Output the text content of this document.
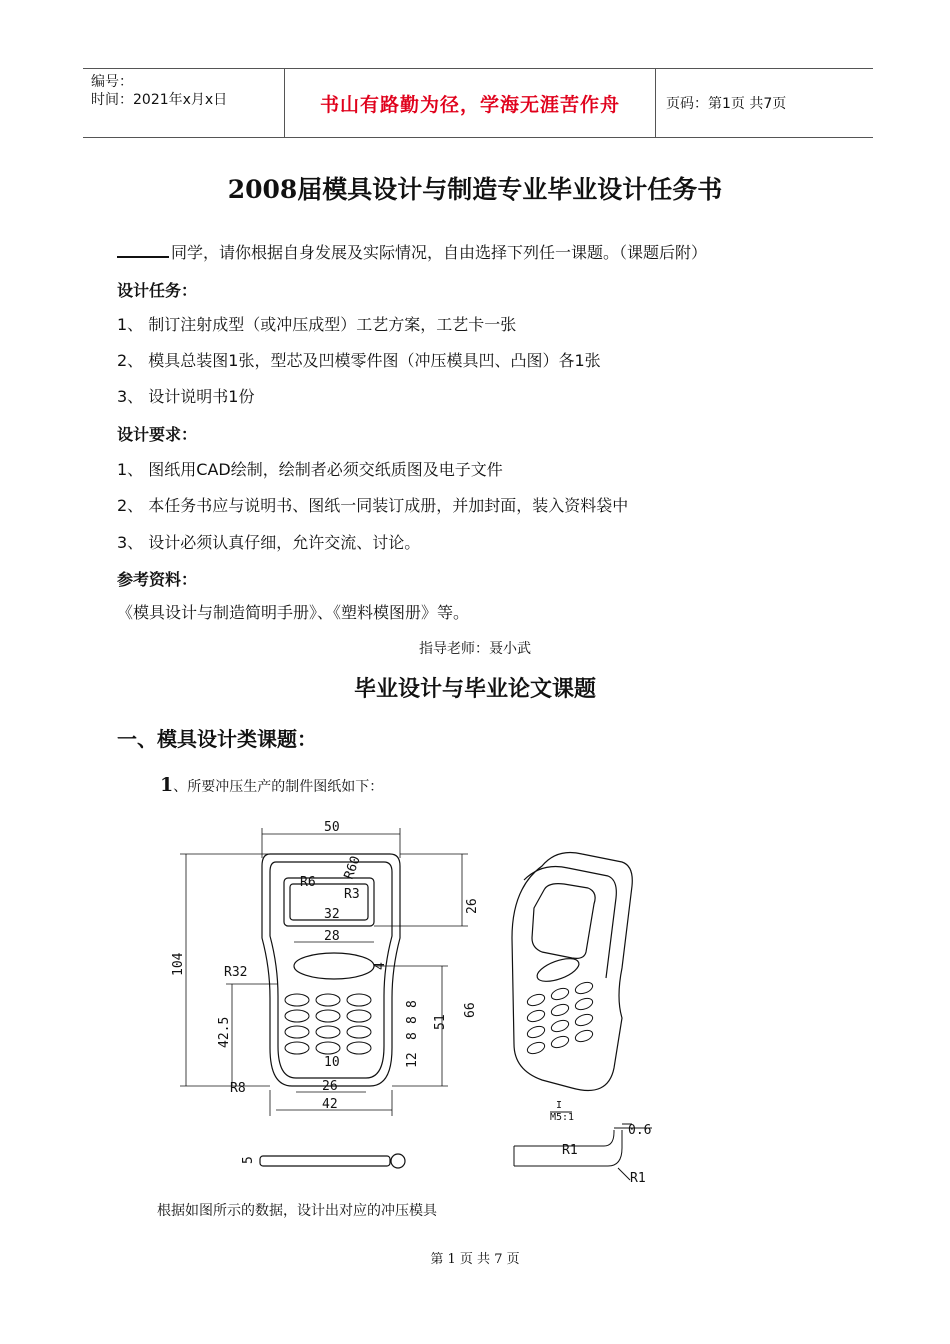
编号：
时间：2021年x月x日	书山有路勤为径，学海无涯苦作舟	页码：第1页 共7页
2008届模具设计与制造专业毕业设计任务书
同学，请你根据自身发展及实际情况，自由选择下列任一课题。（课题后附）
设计任务：
1、 制订注射成型（或冲压成型）工艺方案，工艺卡一张
2、 模具总装图1张，型芯及凹模零件图（冲压模具凹、凸图）各1张
3、 设计说明书1份
设计要求：
1、 图纸用CAD绘制，绘制者必须交纸质图及电子文件
2、 本任务书应与说明书、图纸一同装订成册，并加封面，装入资料袋中
3、 设计必须认真仔细，允许交流、讨论。
参考资料：
《模具设计与制造简明手册》、《塑料模图册》等。
指导老师：聂小武
毕业设计与毕业论文课题
一、模具设计类课题：
1、所要冲压生产的制件图纸如下：
50
R6
R60
R3
32
26
28
104	R32	4
66
51
42.5
8
8
8
12
10
R8	26
42
5
I
M5:1
0.6
R1
R1
根据如图所示的数据，设计出对应的冲压模具
第 1 页 共 7 页
